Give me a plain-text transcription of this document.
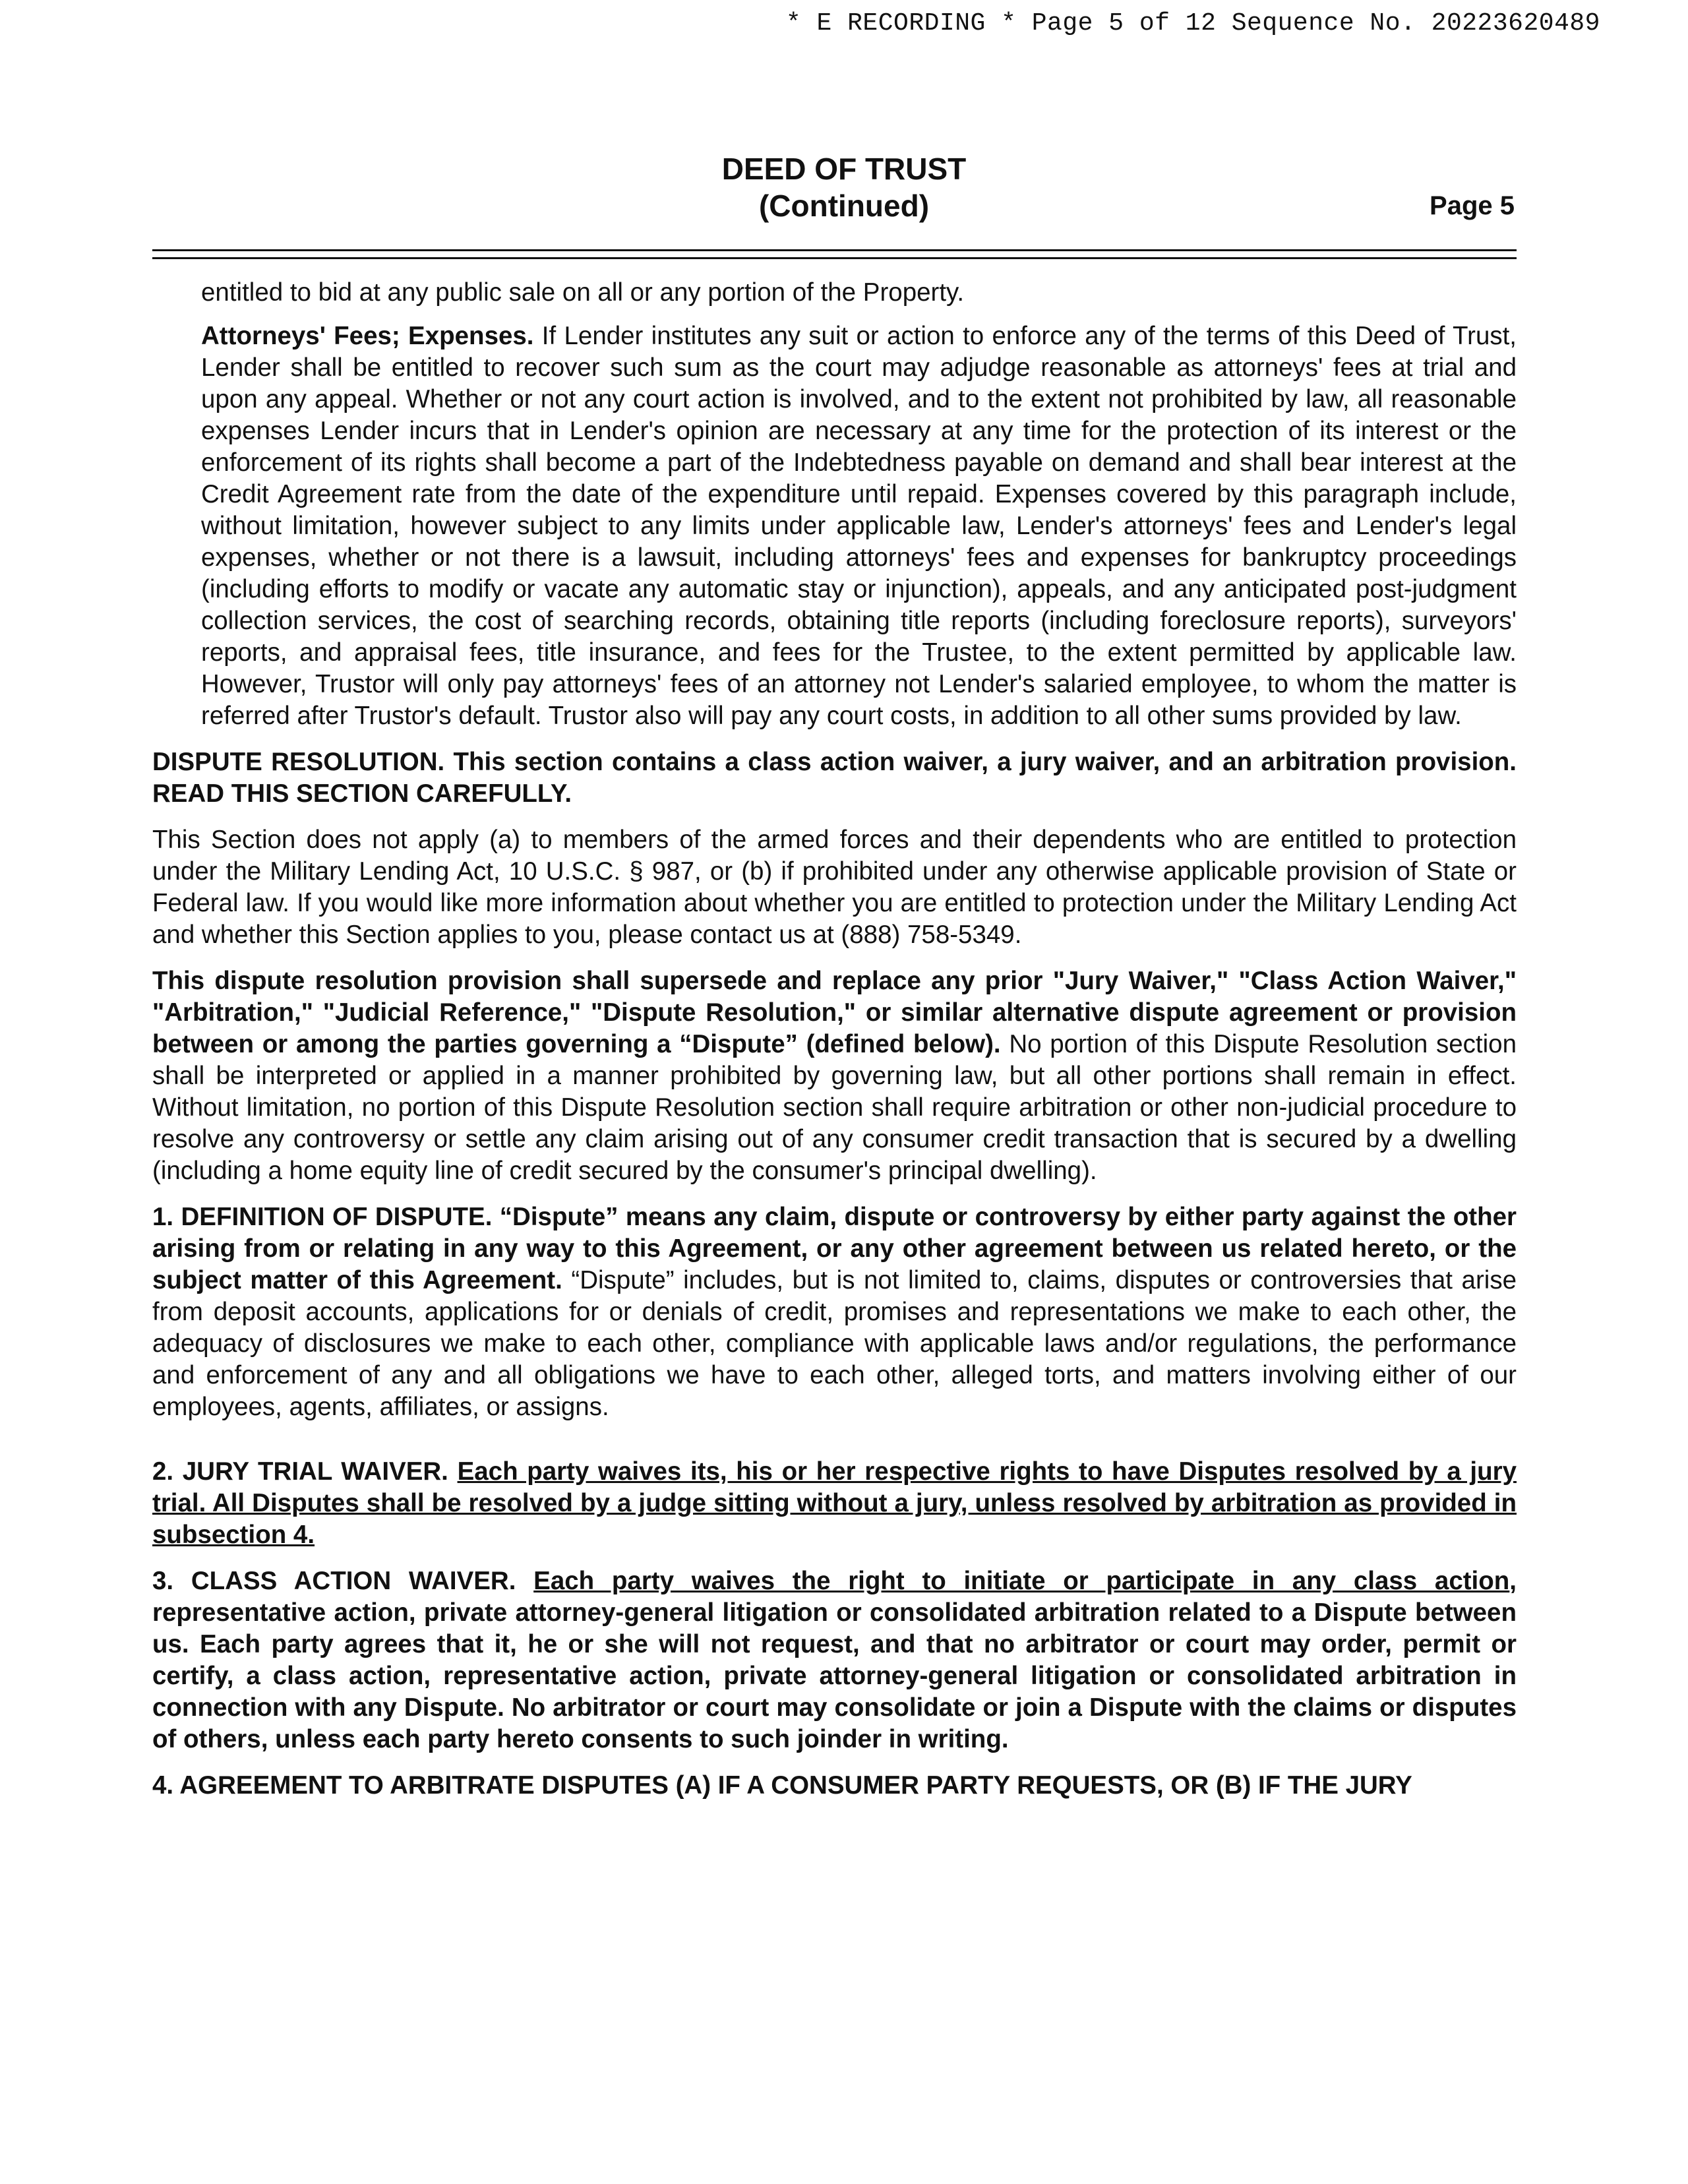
* E RECORDING * Page 5 of 12 Sequence No. 20223620489
DEED OF TRUST
(Continued)	Page 5

entitled to bid at any public sale on all or any portion of the Property.

Attorneys' Fees; Expenses. If Lender institutes any suit or action to enforce any of the terms of this Deed of Trust, Lender shall be entitled to recover such sum as the court may adjudge reasonable as attorneys' fees at trial and upon any appeal. Whether or not any court action is involved, and to the extent not prohibited by law, all reasonable expenses Lender incurs that in Lender's opinion are necessary at any time for the protection of its interest or the enforcement of its rights shall become a part of the Indebtedness payable on demand and shall bear interest at the Credit Agreement rate from the date of the expenditure until repaid. Expenses covered by this paragraph include, without limitation, however subject to any limits under applicable law, Lender's attorneys' fees and Lender's legal expenses, whether or not there is a lawsuit, including attorneys' fees and expenses for bankruptcy proceedings (including efforts to modify or vacate any automatic stay or injunction), appeals, and any anticipated post-judgment collection services, the cost of searching records, obtaining title reports (including foreclosure reports), surveyors' reports, and appraisal fees, title insurance, and fees for the Trustee, to the extent permitted by applicable law. However, Trustor will only pay attorneys' fees of an attorney not Lender's salaried employee, to whom the matter is referred after Trustor's default. Trustor also will pay any court costs, in addition to all other sums provided by law.

DISPUTE RESOLUTION. This section contains a class action waiver, a jury waiver, and an arbitration provision. READ THIS SECTION CAREFULLY.

This Section does not apply (a) to members of the armed forces and their dependents who are entitled to protection under the Military Lending Act, 10 U.S.C. § 987, or (b) if prohibited under any otherwise applicable provision of State or Federal law. If you would like more information about whether you are entitled to protection under the Military Lending Act and whether this Section applies to you, please contact us at (888) 758-5349.

This dispute resolution provision shall supersede and replace any prior "Jury Waiver," "Class Action Waiver," "Arbitration," "Judicial Reference," "Dispute Resolution," or similar alternative dispute agreement or provision between or among the parties governing a “Dispute” (defined below). No portion of this Dispute Resolution section shall be interpreted or applied in a manner prohibited by governing law, but all other portions shall remain in effect. Without limitation, no portion of this Dispute Resolution section shall require arbitration or other non-judicial procedure to resolve any controversy or settle any claim arising out of any consumer credit transaction that is secured by a dwelling (including a home equity line of credit secured by the consumer's principal dwelling).

1. DEFINITION OF DISPUTE. “Dispute” means any claim, dispute or controversy by either party against the other arising from or relating in any way to this Agreement, or any other agreement between us related hereto, or the subject matter of this Agreement. “Dispute” includes, but is not limited to, claims, disputes or controversies that arise from deposit accounts, applications for or denials of credit, promises and representations we make to each other, the adequacy of disclosures we make to each other, compliance with applicable laws and/or regulations, the performance and enforcement of any and all obligations we have to each other, alleged torts, and matters involving either of our employees, agents, affiliates, or assigns.

2. JURY TRIAL WAIVER. Each party waives its, his or her respective rights to have Disputes resolved by a jury trial. All Disputes shall be resolved by a judge sitting without a jury, unless resolved by arbitration as provided in subsection 4.

3. CLASS ACTION WAIVER. Each party waives the right to initiate or participate in any class action, representative action, private attorney-general litigation or consolidated arbitration related to a Dispute between us. Each party agrees that it, he or she will not request, and that no arbitrator or court may order, permit or certify, a class action, representative action, private attorney-general litigation or consolidated arbitration in connection with any Dispute. No arbitrator or court may consolidate or join a Dispute with the claims or disputes of others, unless each party hereto consents to such joinder in writing.

4. AGREEMENT TO ARBITRATE DISPUTES (A) IF A CONSUMER PARTY REQUESTS, OR (B) IF THE JURY
